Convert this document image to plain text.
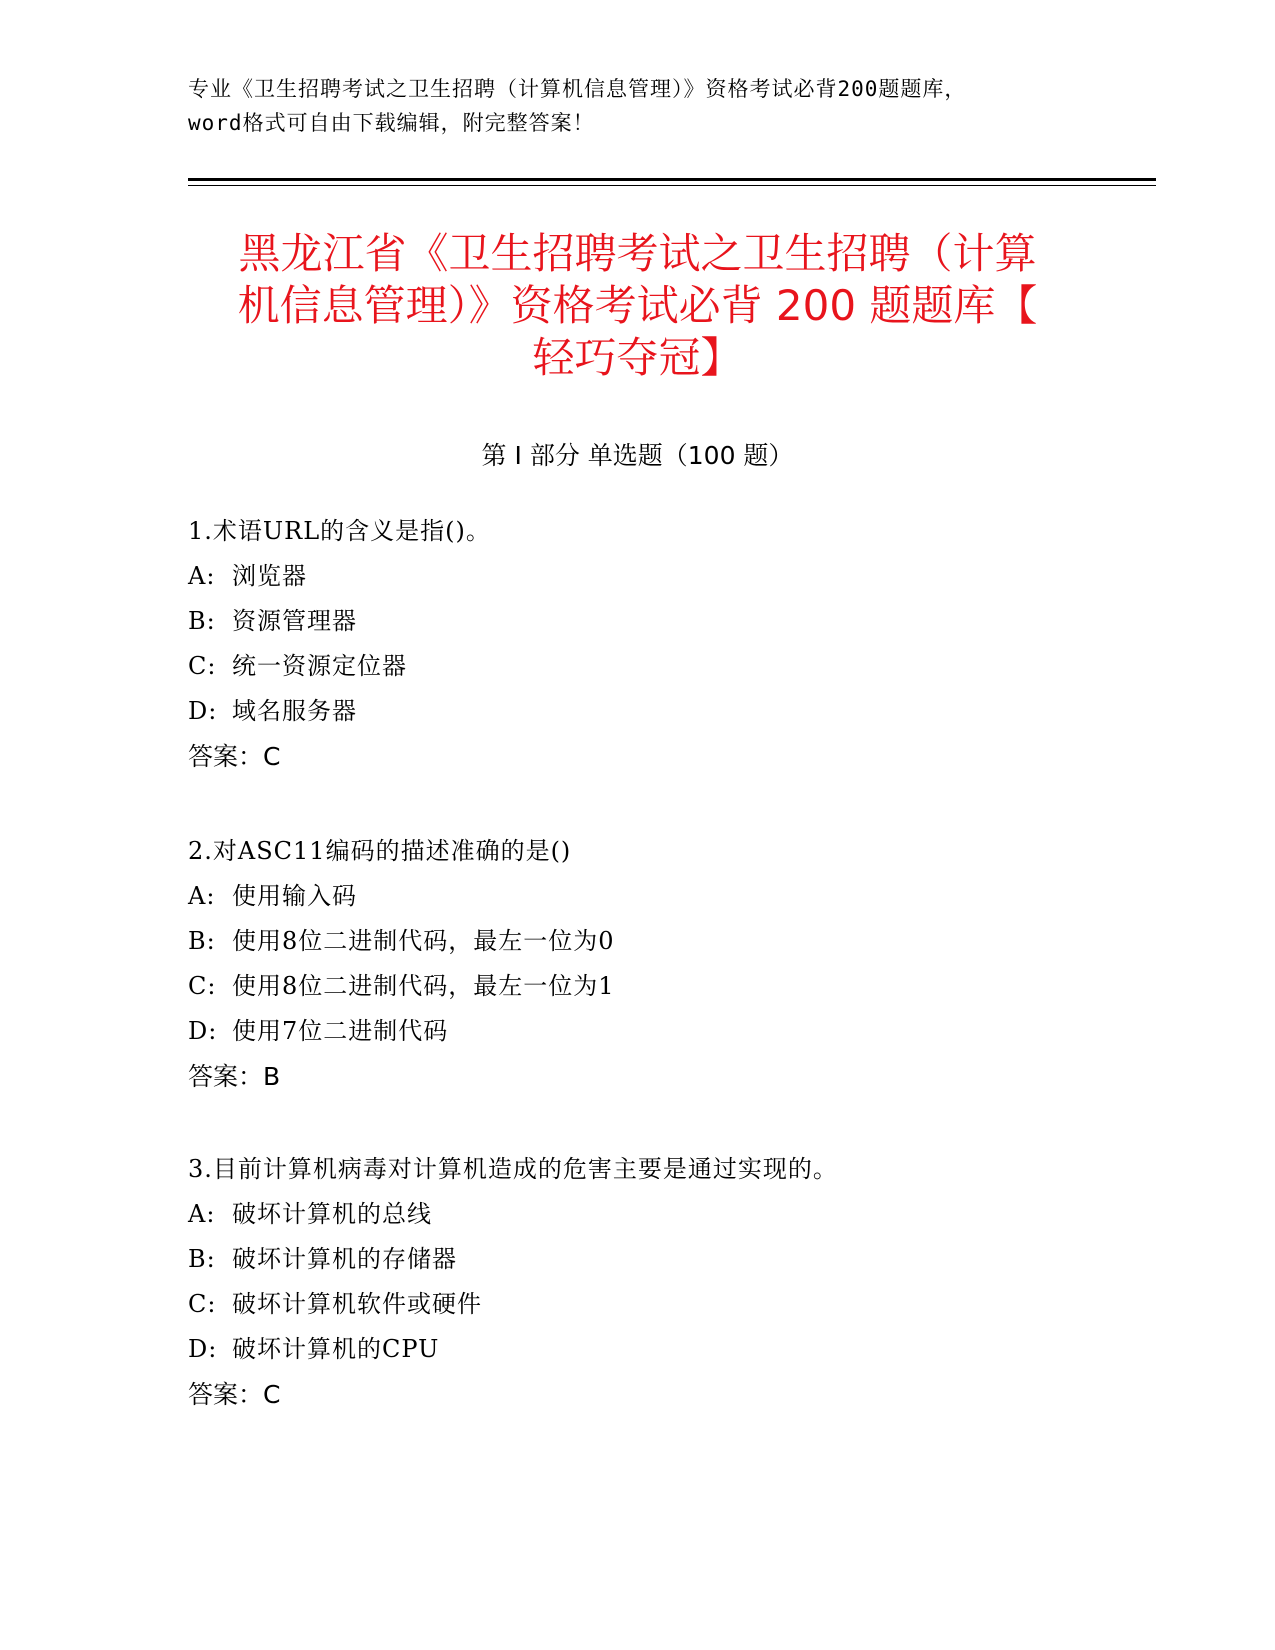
专业《卫生招聘考试之卫生招聘（计算机信息管理）》资格考试必背200题题库，
word格式可自由下载编辑，附完整答案！
黑龙江省《卫生招聘考试之卫生招聘（计算
机信息管理）》资格考试必背 200 题题库【
轻巧夺冠】
第 I 部分 单选题（100 题）
1.术语URL的含义是指()。
A: 浏览器
B: 资源管理器
C: 统一资源定位器
D: 域名服务器
答案：C
2.对ASC11编码的描述准确的是()
A: 使用输入码
B: 使用8位二进制代码，最左一位为0
C: 使用8位二进制代码，最左一位为1
D: 使用7位二进制代码
答案：B
3.目前计算机病毒对计算机造成的危害主要是通过实现的。
A: 破坏计算机的总线
B: 破坏计算机的存储器
C: 破坏计算机软件或硬件
D: 破坏计算机的CPU
答案：C
